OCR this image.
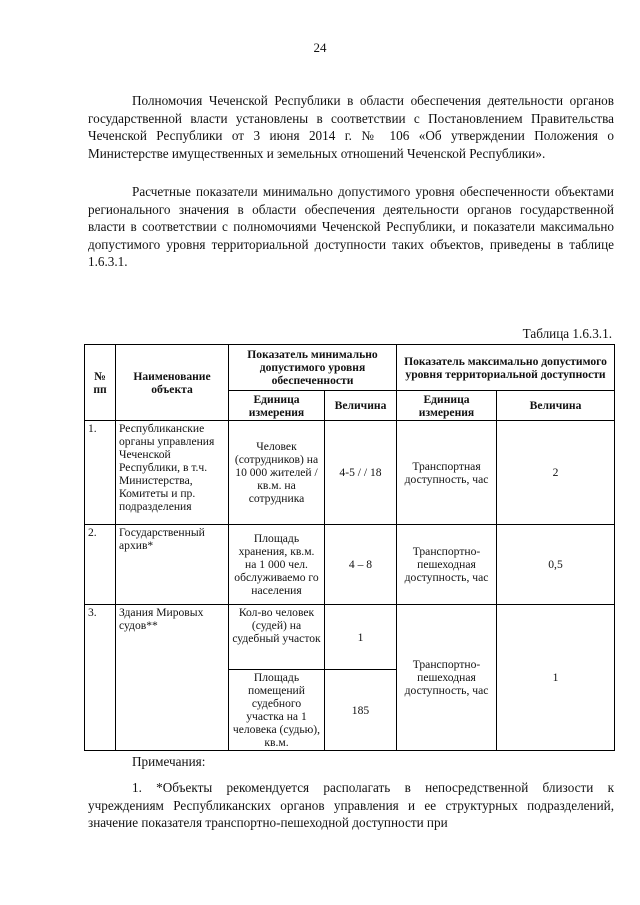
24

Полномочия Чеченской Республики в области обеспечения деятельности органов государственной власти установлены в соответствии с Постановлением Правительства Чеченской Республики от 3 июня 2014 г. № 106 «Об утверждении Положения о Министерстве имущественных и земельных отношений Чеченской Республики».

Расчетные показатели минимально допустимого уровня обеспеченности объектами регионального значения в области обеспечения деятельности органов государственной власти в соответствии с полномочиями Чеченской Республики, и показатели максимально допустимого уровня территориальной доступности таких объектов, приведены в таблице 1.6.3.1.

Таблица 1.6.3.1.
№ пп	Наименование объекта	Показатель минимально допустимого уровня обеспеченности		Показатель максимально допустимого уровня территориальной доступности	
		Единица измерения	Величина	Единица измерения	Величина
1.	Республиканские органы управления Чеченской Республики, в т.ч. Министерства, Комитеты и пр. подразделения	Человек (сотрудников) на 10 000 жителей / кв.м. на сотрудника	4-5 / / 18	Транспортная доступность, час	2
2.	Государственный архив*	Площадь хранения, кв.м. на 1 000 чел. обслуживаемо го населения	4 – 8	Транспортно-пешеходная доступность, час	0,5
3.	Здания Мировых судов**	Кол-во человек (судей) на судебный участок	1	Транспортно-пешеходная доступность, час	1
		Площадь помещений судебного участка на 1 человека (судью), кв.м.	185		
Примечания:

1. *Объекты рекомендуется располагать в непосредственной близости к учреждениям Республиканских органов управления и ее структурных подразделений, значение показателя транспортно-пешеходной доступности при
